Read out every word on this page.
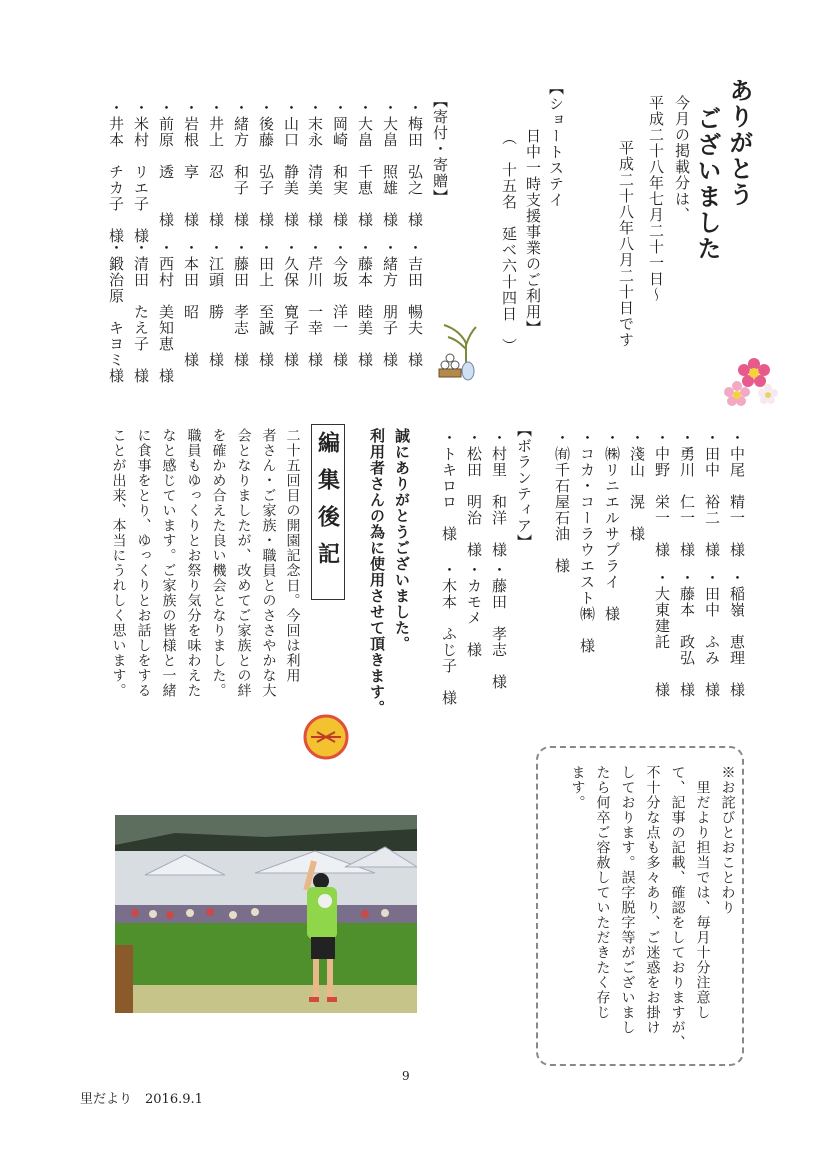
ありがとう
ございました
今月の掲載分は、
平成二十八年七月二十一日～
平成二十八年八月二十日です
【ショートステイ
日中一時支援事業のご利用】
（　十五名　延べ六十四日　）
【寄付・寄贈】
・梅田　弘之　様
・吉田　暢夫　様
・大畠　照雄　様
・緒方　朋子　様
・大畠　千恵　様
・藤本　睦美　様
・岡崎　和実　様
・今坂　洋一　様
・末永　清美　様
・芹川　一幸　様
・山口　静美　様
・久保　寛子　様
・後藤　弘子　様
・田上　至誠　様
・緒方　和子　様
・藤田　孝志　様
・井上　忍　　様
・江頭　勝　　様
・岩根　享　　様
・本田　昭　　様
・前原　透　　様
・西村　美知恵　様
・米村　リエ子　様
・清田　たえ子　様
・井本　チカ子　様
・鍛治原　キヨミ様
・中尾　精一　様
・稲嶺　恵理　様
・田中　裕二　様
・田中　ふみ　様
・勇川　仁一　様
・藤本　政弘　様
・中野　栄一　様
・大東建託　　様
・淺山　滉　様
・㈱リニエルサプライ　様
・コカ・コーラウエスト㈱　様
・㈲千石屋石油　様
【ボランティア】
・村里　和洋　様
・藤田　孝志　様
・松田　明治　様
・カモメ　様
・トキロロ　様
・木本　ふじ子　様
誠にありがとうございました。
利用者さんの為に使用させて頂きます。
編集後記
二十五回目の開園記念日。今回は利用
者さん・ご家族・職員とのささやかな大
会となりましたが、改めてご家族との絆
を確かめ合えた良い機会となりました。
職員もゆっくりとお祭り気分を味わえた
なと感じています。ご家族の皆様と一緒
に食事をとり、ゆっくりとお話しをする
ことが出来、本当にうれしく思います。
※お詫びとおことわり
　里だより担当では、毎月十分注意し
て、記事の記載、確認をしておりますが、
不十分な点も多々あり、ご迷惑をお掛け
しております。誤字脱字等がございまし
たら何卒ご容赦していただきたく存じ
ます。
9
里だより　2016.9.1
